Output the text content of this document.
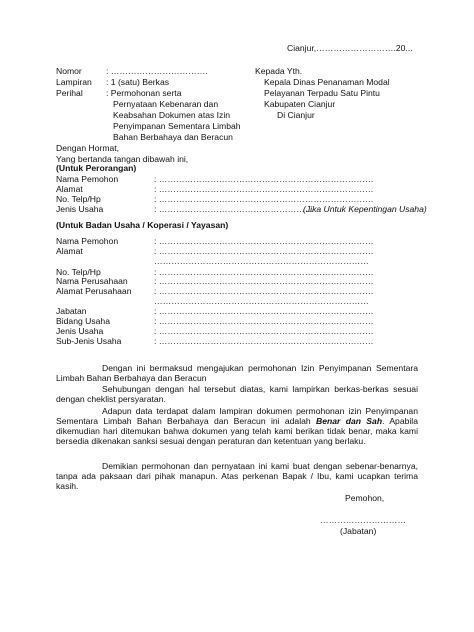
Cianjur,……………………….20...
Nomor	: …………………………….
Lampiran : 1 (satu) Berkas
Perihal	: Permohonan serta
Pernyataan Kebenaran dan
Keabsahan Dokumen atas Izin
Penyimpanan Sementara Limbah
Bahan Berbahaya dan Beracun
Kepada Yth.
Kepala Dinas Penanaman Modal
Pelayanan Terpadu Satu Pintu
Kabupaten Cianjur
Di Cianjur
Dengan Hormat,
Yang bertanda tangan dibawah ini,
(Untuk Perorangan)
Nama Pemohon	: …………………………………………………………………
Alamat	: …………………………………………………………………
No. Telp/Hp	: …………………………………………………………………
Jenis Usaha	: ………………………………………………
(Jika Untuk Kepentingan Usaha)
(Untuk Badan Usaha / Koperasi / Yayasan)
Nama Pemohon	: …………………………………………………………………
Alamat	: …………………………………………………………………
…………………………………………………………………
No. Telp/Hp	: …………………………………………………………………
Nama Perusahaan	: …………………………………………………………………
Alamat Perusahaan	: …………………………………………………………………
…………………………………………………………………
Jabatan	: …………………………………………………………………
Bidang Usaha	: …………………………………………………………………
Jenis Usaha	: …………………………………………………………………
Sub-Jenis Usaha	: …………………………………………………………………
Dengan ini bermaksud mengajukan permohonan Izin Penyimpanan Sementara Limbah Bahan Berbahaya dan Beracun
Sehubungan dengan hal tersebut diatas, kami lampirkan berkas-berkas sesuai dengan cheklist persyaratan.
Adapun data terdapat dalam lampiran dokumen permohonan izin Penyimpanan Sementara Limbah Bahan Berbahaya dan Beracun ini adalah Benar dan Sah. Apabila dikemudian hari ditemukan bahwa dokumen yang telah kami berikan tidak benar, maka kami bersedia dikenakan sanksi sesuai dengan peraturan dan ketentuan yang berlaku.
Demikian permohonan dan pernyataan ini kami buat dengan sebenar-benarnya, tanpa ada paksaan dari pihak manapun. Atas perkenan Bapak / Ibu, kami ucapkan terima kasih.
Pemohon,
…………………………
(Jabatan)
